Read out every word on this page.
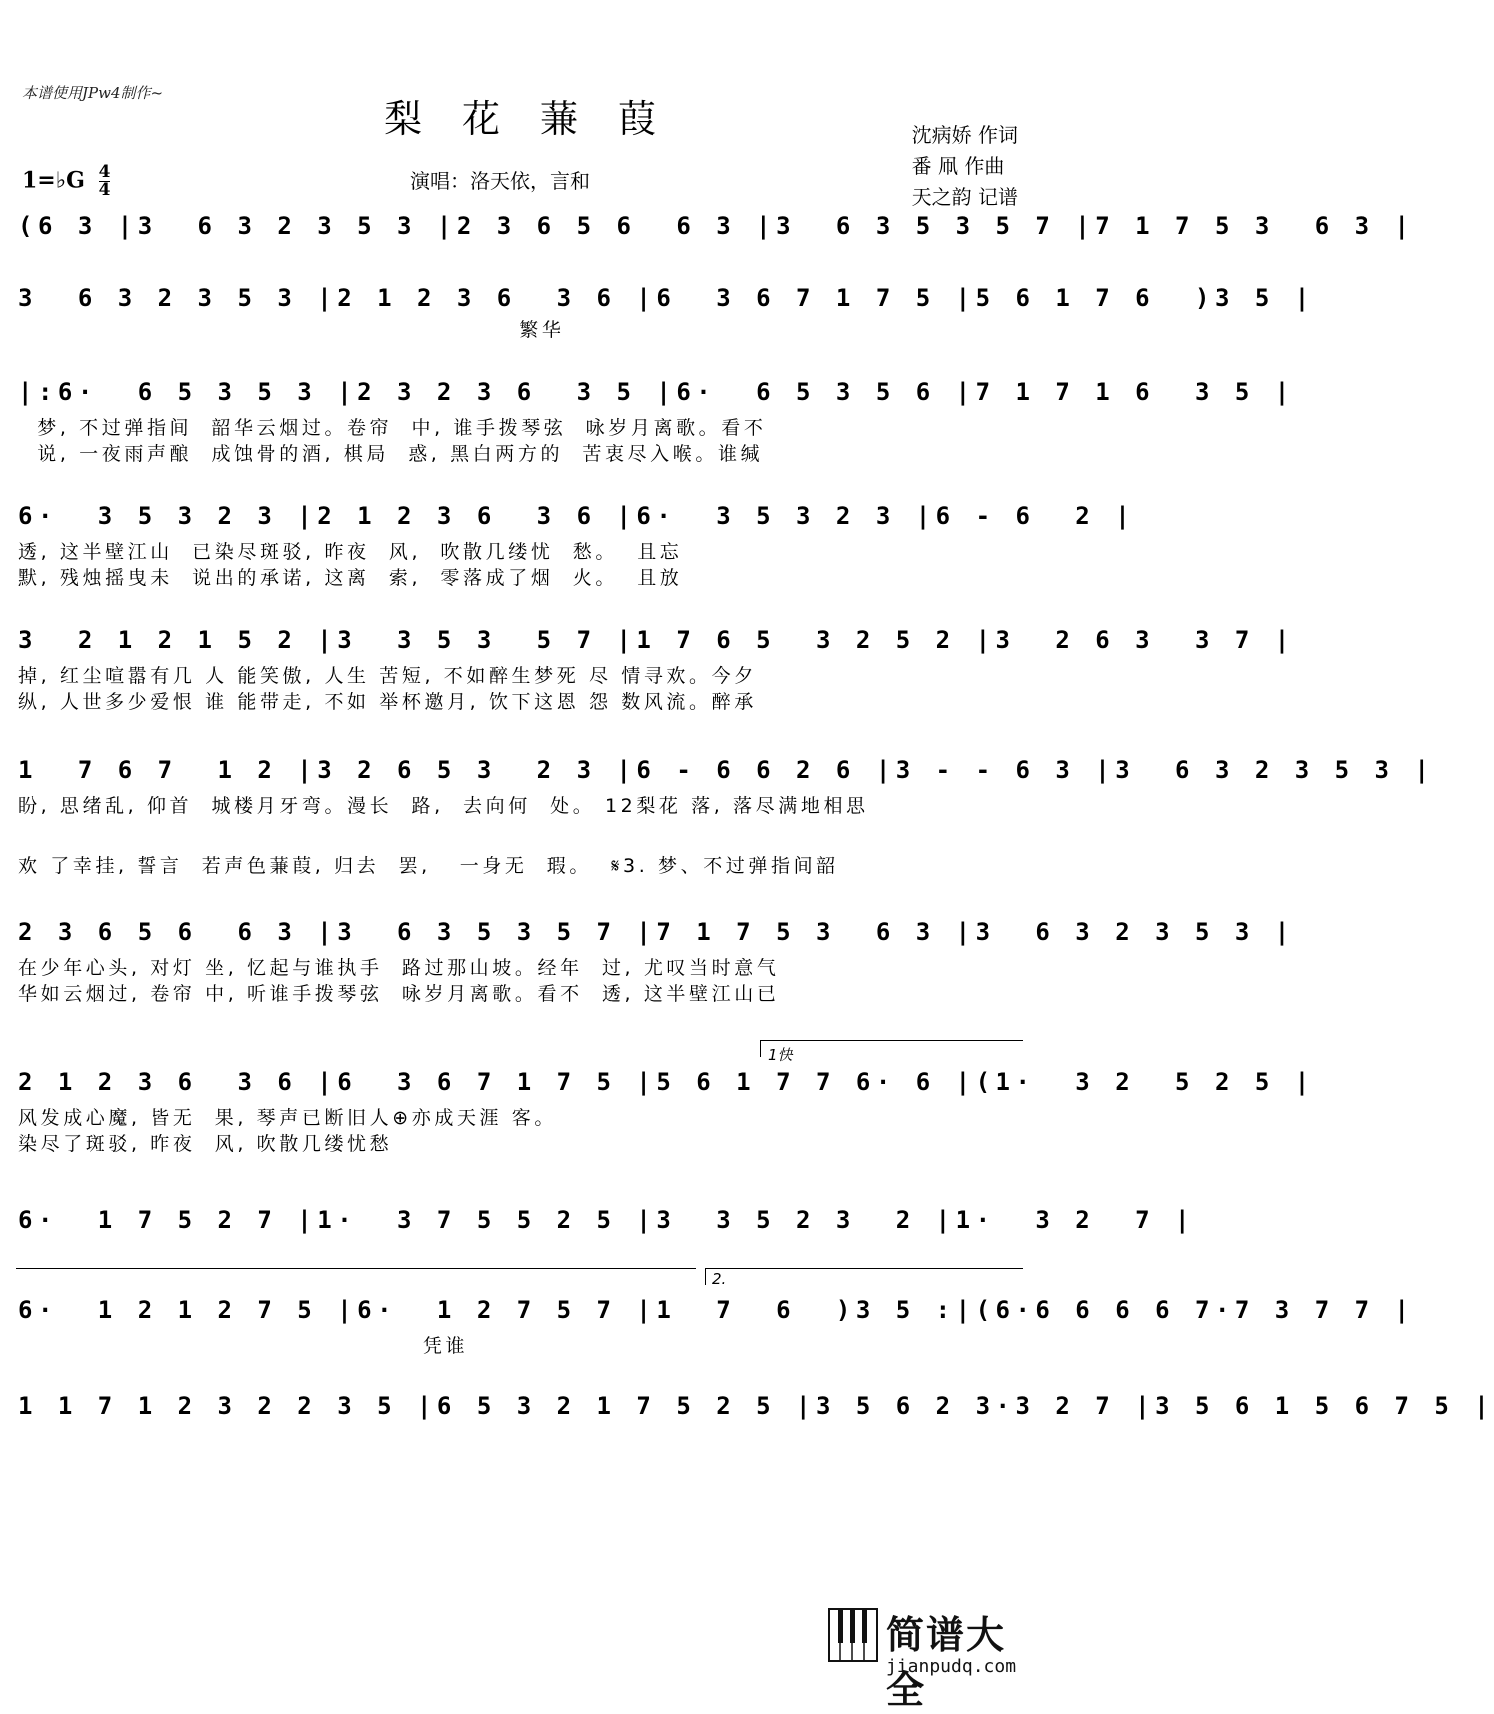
本谱使用JPw4制作~
梨花蒹葭	沈病娇 作词
番 凧 作曲
天之韵 记谱
演唱：洛天依，言和
1=♭G $\frac{4}{4}$
(6 3 |3  6 3 2 3 5 3 |2 3 6 5 6  6 3 |3  6 3 5 3 5 7 |7 1 7 5 3  6 3 |
3  6 3 2 3 5 3 |2 1 2 3 6  3 6 |6  3 6 7 1 7 5 |5 6 1 7 6  )3 5 |
繁华
|:6·  6 5 3 5 3 |2 3 2 3 6  3 5 |6·  6 5 3 5 6 |7 1 7 1 6  3 5 |
梦, 不过弹指间  韶华云烟过。卷帘  中, 谁手拨琴弦  咏岁月离歌。看不
说, 一夜雨声酿  成蚀骨的酒, 棋局  惑, 黑白两方的  苦衷尽入喉。谁缄
6·  3 5 3 2 3 |2 1 2 3 6  3 6 |6·  3 5 3 2 3 |6 - 6  2 |
透, 这半壁江山  已染尽斑驳, 昨夜  风,  吹散几缕忧  愁。  且忘
默, 残烛摇曳未  说出的承诺, 这离  索,  零落成了烟  火。  且放
3  2 1 2 1 5 2 |3  3 5 3  5 7 |1 7 6 5  3 2 5 2 |3  2 6 3  3 7 |
掉, 红尘喧嚣有几 人 能笑傲, 人生 苦短, 不如醉生梦死 尽 情寻欢。今夕
纵, 人世多少爱恨 谁 能带走, 不如 举杯邀月, 饮下这恩 怨 数风流。醉承
1  7 6 7  1 2 |3 2 6 5 3  2 3 |6 - 6 6 2 6 |3 - - 6 3 |3  6 3 2 3 5 3 |
盼, 思绪乱, 仰首  城楼月牙弯。漫长  路,  去向何  处。 12梨花 落, 落尽满地相思
欢 了幸挂, 誓言  若声色蒹葭, 归去  罢,   一身无  瑕。  𝄋3. 梦、不过弹指间韶
2 3 6 5 6  6 3 |3  6 3 5 3 5 7 |7 1 7 5 3  6 3 |3  6 3 2 3 5 3 |
在少年心头, 对灯 坐, 忆起与谁执手  路过那山坡。经年  过, 尤叹当时意气
华如云烟过, 卷帘 中, 听谁手拨琴弦  咏岁月离歌。看不  透, 这半壁江山已
1快
2 1 2 3 6  3 6 |6  3 6 7 1 7 5 |5 6 1 7 7 6· 6 |(1·  3 2  5 2 5 |
风发成心魔, 皆无  果, 琴声已断旧人⊕亦成天涯 客。
染尽了斑驳, 昨夜  风, 吹散几缕忧愁
6·  1 7 5 2 7 |1·  3 7 5 5 2 5 |3  3 5 2 3  2 |1·  3 2  7 |
2.
6·  1 2 1 2 7 5 |6·  1 2 7 5 7 |1  7  6  )3 5 :|(6·6 6 6 6 7·7 3 7 7 |
凭谁
1 1 7 1 2 3 2 2 3 5 |6 5 3 2 1 7 5 2 5 |3 5 6 2 3·3 2 7 |3 5 6 1 5 6 7 5 |
简谱大全
jianpudq.com
